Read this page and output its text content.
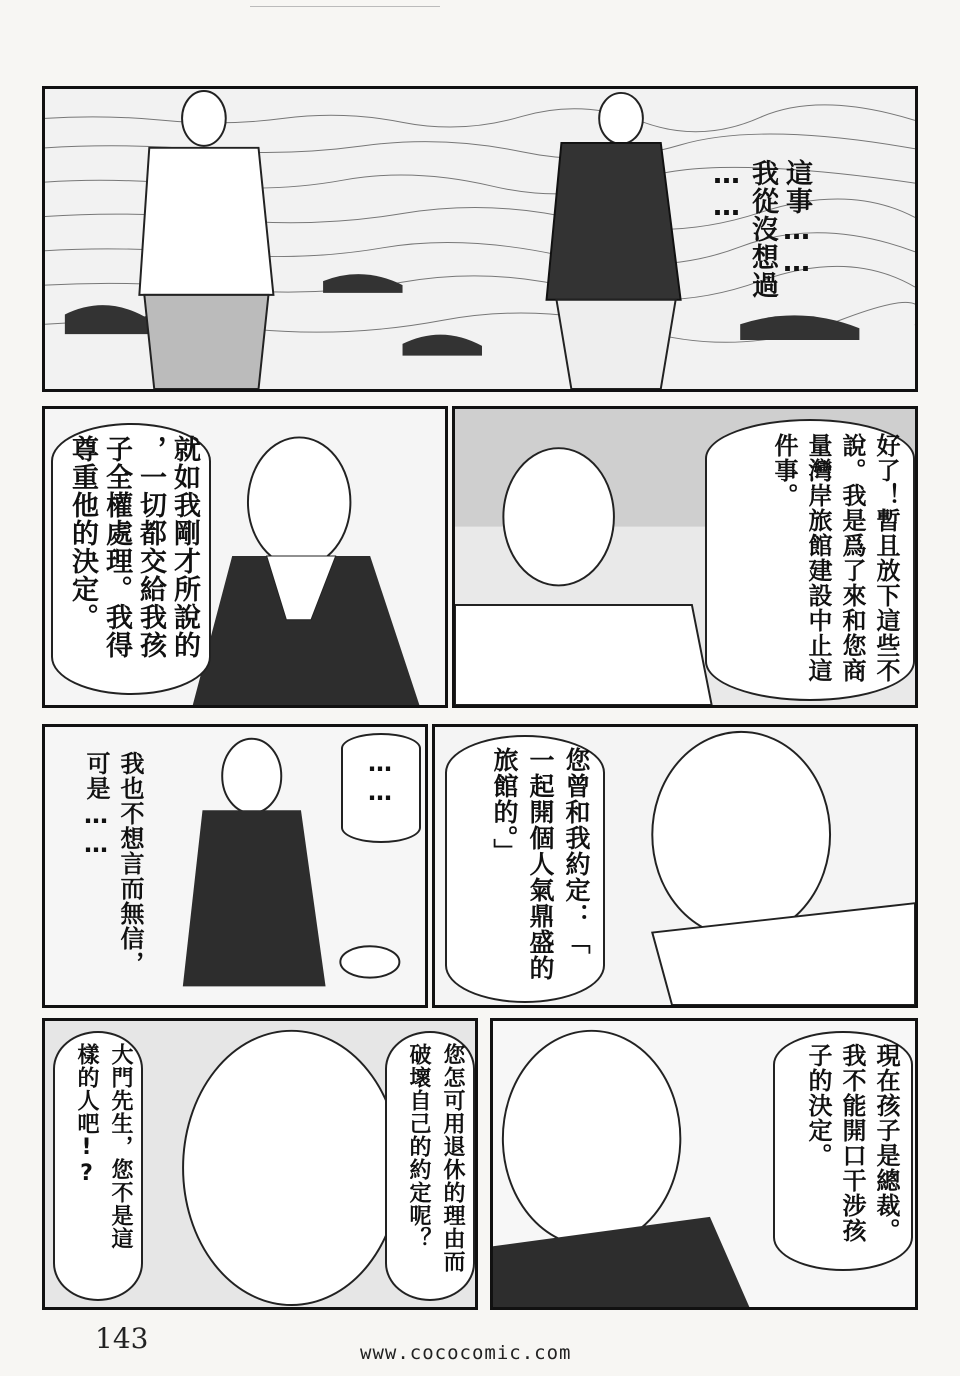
這事……
我從沒想過
……
就如我剛才所說的
，一切都交給我孩
子全權處理。我得
尊重他的決定。	好了！暫且放下這些不
說。我是爲了來和您商
量灣岸旅館建設中止這
件事。
我也不想言而無信，
可是……	……	您曾和我約定：「
一起開個人氣鼎盛的
旅館的。」
您怎可用退休的理由而
破壞自己的約定呢？
大門先生，您不是這
樣的人吧!?	現在孩子是總裁。
我不能開口干涉孩
子的決定。
143	www.cococomic.com
